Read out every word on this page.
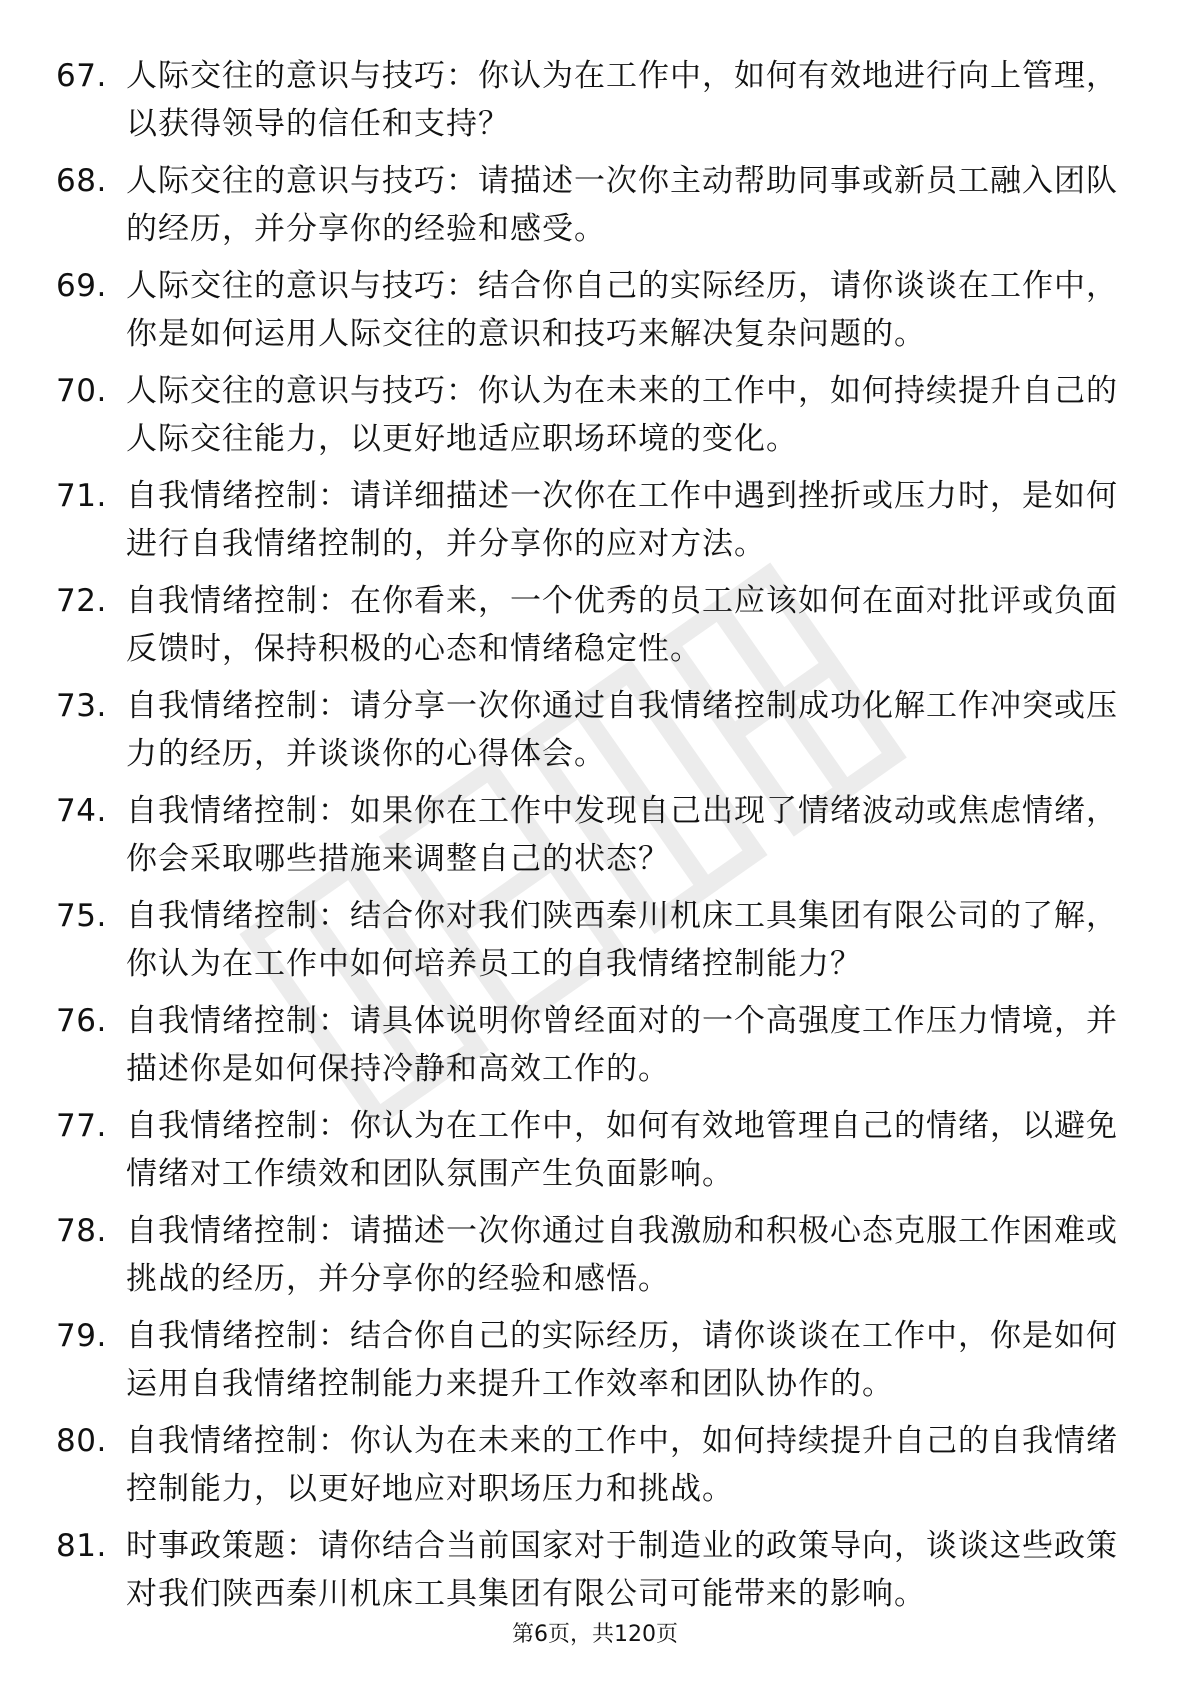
67. 人际交往的意识与技巧：你认为在工作中，如何有效地进行向上管理，以获得领导的信任和支持？
68. 人际交往的意识与技巧：请描述一次你主动帮助同事或新员工融入团队的经历，并分享你的经验和感受。
69. 人际交往的意识与技巧：结合你自己的实际经历，请你谈谈在工作中，你是如何运用人际交往的意识和技巧来解决复杂问题的。
70. 人际交往的意识与技巧：你认为在未来的工作中，如何持续提升自己的人际交往能力，以更好地适应职场环境的变化。
71. 自我情绪控制：请详细描述一次你在工作中遇到挫折或压力时，是如何进行自我情绪控制的，并分享你的应对方法。
72. 自我情绪控制：在你看来，一个优秀的员工应该如何在面对批评或负面反馈时，保持积极的心态和情绪稳定性。
73. 自我情绪控制：请分享一次你通过自我情绪控制成功化解工作冲突或压力的经历，并谈谈你的心得体会。
74. 自我情绪控制：如果你在工作中发现自己出现了情绪波动或焦虑情绪，你会采取哪些措施来调整自己的状态？
75. 自我情绪控制：结合你对我们陕西秦川机床工具集团有限公司的了解，你认为在工作中如何培养员工的自我情绪控制能力？
76. 自我情绪控制：请具体说明你曾经面对的一个高强度工作压力情境，并描述你是如何保持冷静和高效工作的。
77. 自我情绪控制：你认为在工作中，如何有效地管理自己的情绪，以避免情绪对工作绩效和团队氛围产生负面影响。
78. 自我情绪控制：请描述一次你通过自我激励和积极心态克服工作困难或挑战的经历，并分享你的经验和感悟。
79. 自我情绪控制：结合你自己的实际经历，请你谈谈在工作中，你是如何运用自我情绪控制能力来提升工作效率和团队协作的。
80. 自我情绪控制：你认为在未来的工作中，如何持续提升自己的自我情绪控制能力，以更好地应对职场压力和挑战。
81. 时事政策题：请你结合当前国家对于制造业的政策导向，谈谈这些政策对我们陕西秦川机床工具集团有限公司可能带来的影响。
第6页，共120页
